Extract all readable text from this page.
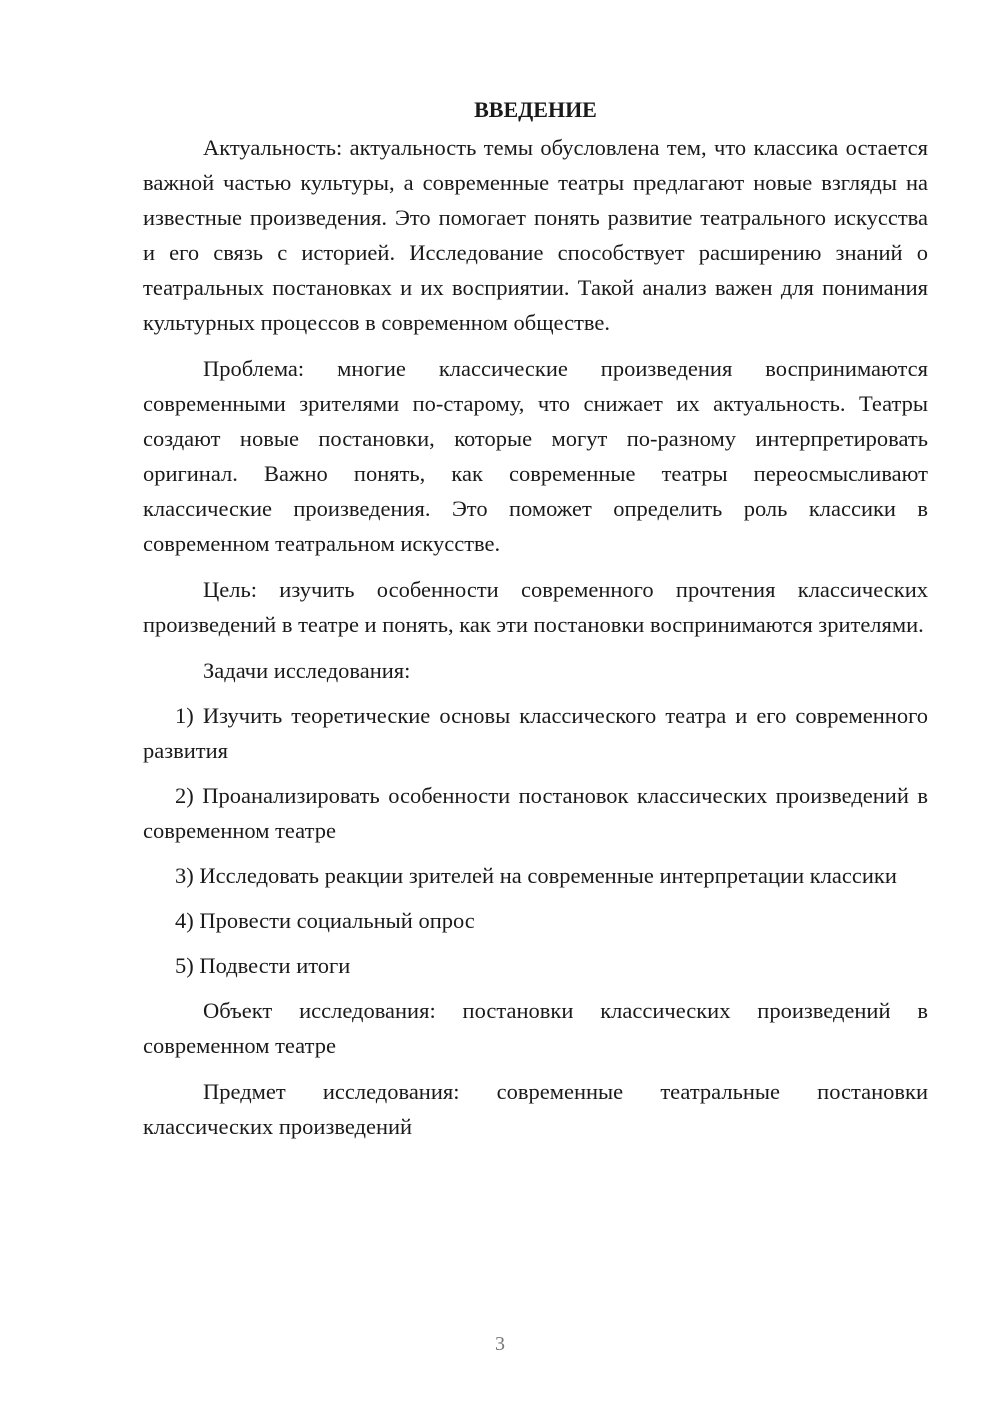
ВВЕДЕНИЕ

Актуальность: актуальность темы обусловлена тем, что классика остается важной частью культуры, а современные театры предлагают новые взгляды на известные произведения. Это помогает понять развитие театрального искусства и его связь с историей. Исследование способствует расширению знаний о театральных постановках и их восприятии. Такой анализ важен для понимания культурных процессов в современном обществе.

Проблема: многие классические произведения воспринимаются современными зрителями по-старому, что снижает их актуальность. Театры создают новые постановки, которые могут по-разному интерпретировать оригинал. Важно понять, как современные театры переосмысливают классические произведения. Это поможет определить роль классики в современном театральном искусстве.

Цель: изучить особенности современного прочтения классических произведений в театре и понять, как эти постановки воспринимаются зрителями.

Задачи исследования:

1) Изучить теоретические основы классического театра и его современного развития

2) Проанализировать особенности постановок классических произведений в современном театре

3) Исследовать реакции зрителей на современные интерпретации классики

4) Провести социальный опрос

5) Подвести итоги

Объект исследования: постановки классических произведений в современном театре

Предмет исследования: современные театральные постановки классических произведений

3
